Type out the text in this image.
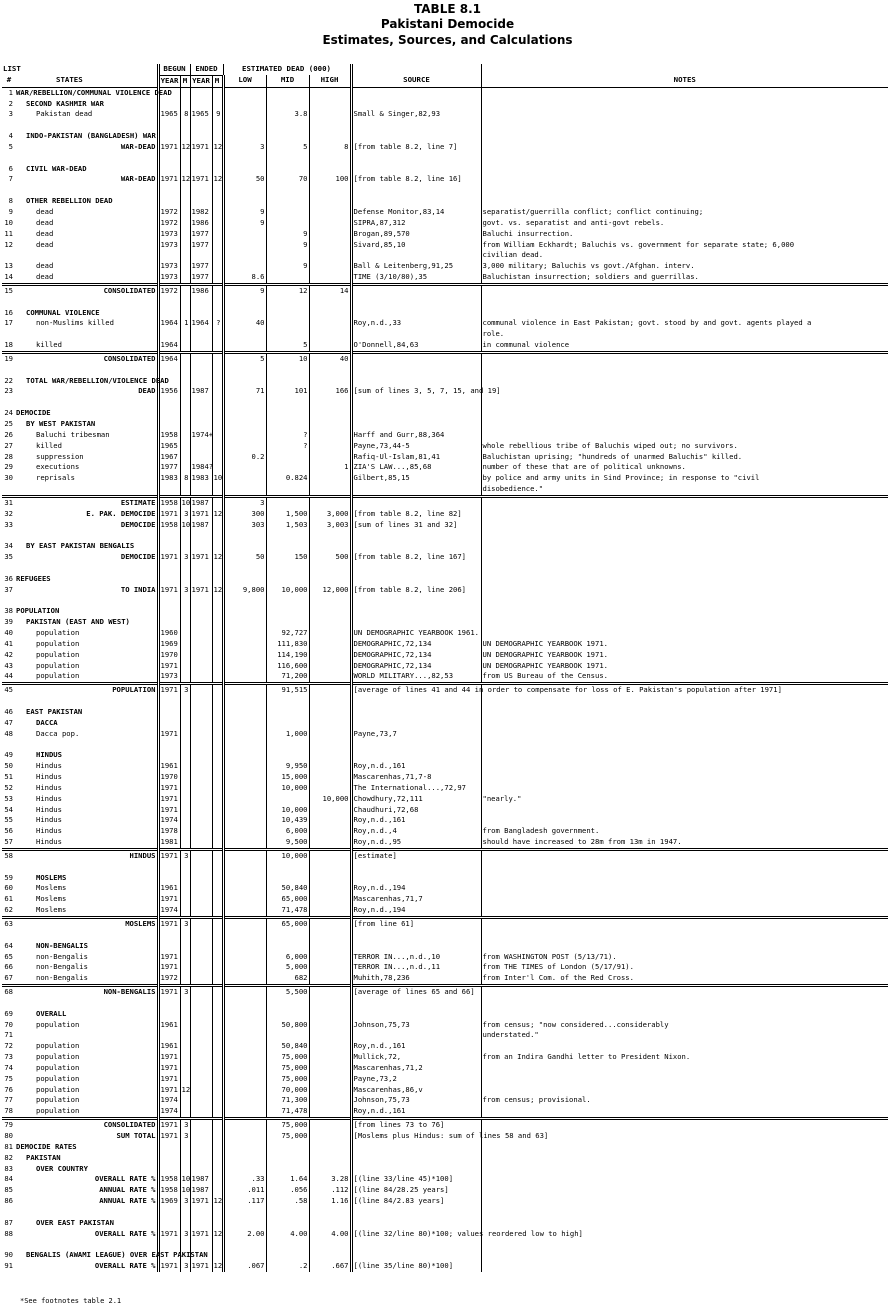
TABLE 8.1
Pakistani Democide
Estimates, Sources, and Calculations
LIST		BEGUN		ENDED		ESTIMATED DEAD (000)				
#	STATES	YEAR	M	YEAR	M	LOW	MID	HIGH	SOURCE	NOTES
1	WAR/REBELLION/COMMUNAL VIOLENCE DEAD									
2	SECOND KASHMIR WAR									
3	Pakistan dead	1965	8	1965	9		3.8		Small & Singer,82,93	

4	INDO-PAKISTAN (BANGLADESH) WAR									
5	WAR-DEAD	1971	12	1971	12	3	5	8	[from table 8.2, line 7]	

6	CIVIL WAR-DEAD									
7	WAR-DEAD	1971	12	1971	12	50	70	100	[from table 8.2, line 16]	

8	OTHER REBELLION DEAD									
9	dead	1972		1982		9			Defense Monitor,83,14	separatist/guerrilla conflict; conflict continuing;
10	dead	1972		1986		9			SIPRA,87,312	govt. vs. separatist and anti-govt rebels.
11	dead	1973		1977			9		Brogan,89,570	Baluchi insurrection.
12	dead	1973		1977			9		Sivard,85,10	from William Eckhardt; Baluchis vs. government for separate state; 6,000
										civilian dead.
13	dead	1973		1977			9		Ball & Leitenberg,91,25	3,000 military; Baluchis vs govt./Afghan. interv.
14	dead	1973		1977		8.6			TIME (3/10/80),35	Baluchistan insurrection; soldiers and guerrillas.
15	CONSOLIDATED	1972		1986		9	12	14		

16	COMMUNAL VIOLENCE									
17	non-Muslims killed	1964	1	1964	?	40			Roy,n.d.,33	communal violence in East Pakistan; govt. stood by and govt. agents played a
										role.
18	killed	1964					5		O'Donnell,84,63	in communal violence
19	CONSOLIDATED	1964				5	10	40		

22	TOTAL WAR/REBELLION/VIOLENCE DEAD									
23	DEAD	1956		1987		71	101	166	[sum of lines 3, 5, 7, 15, and 19]	

24	DEMOCIDE									
25	BY WEST PAKISTAN									
26	Baluchi tribesman	1958		1974+			?		Harff and Gurr,88,364	
27	killed	1965					?		Payne,73,44-5	whole rebellious tribe of Baluchis wiped out; no survivors.
28	suppression	1967				0.2			Rafiq-Ul-Islam,81,41	Baluchistan uprising; "hundreds of unarmed Baluchis" killed.
29	executions	1977		1984?				1	ZIA'S LAW...,85,68	number of these that are of political unknowns.
30	reprisals	1983	8	1983	10		0.824		Gilbert,85,15	by police and army units in Sind Province; in response to "civil
										disobedience."
31	ESTIMATE	1958	10	1987		3				
32	E. PAK. DEMOCIDE	1971	3	1971	12	300	1,500	3,000	[from table 8.2, line 82]	
33	DEMOCIDE	1958	10	1987		303	1,503	3,003	[sum of lines 31 and 32]	

34	BY EAST PAKISTAN BENGALIS									
35	DEMOCIDE	1971	3	1971	12	50	150	500	[from table 8.2, line 167]	

36	REFUGEES									
37	TO INDIA	1971	3	1971	12	9,800	10,000	12,000	[from table 8.2, line 206]	

38	POPULATION									
39	PAKISTAN (EAST AND WEST)									
40	population	1960					92,727		UN DEMOGRAPHIC YEARBOOK 1961.	
41	population	1969					111,830		DEMOGRAPHIC,72,134	UN DEMOGRAPHIC YEARBOOK 1971.
42	population	1970					114,190		DEMOGRAPHIC,72,134	UN DEMOGRAPHIC YEARBOOK 1971.
43	population	1971					116,600		DEMOGRAPHIC,72,134	UN DEMOGRAPHIC YEARBOOK 1971.
44	population	1973					71,200		WORLD MILITARY...,82,53	from US Bureau of the Census.
45	POPULATION	1971	3				91,515		[average of lines 41 and 44 in order to compensate for loss of E. Pakistan's population after 1971]	

46	EAST PAKISTAN									
47	DACCA									
48	Dacca pop.	1971					1,000		Payne,73,7	

49	HINDUS									
50	Hindus	1961					9,950		Roy,n.d.,161	
51	Hindus	1970					15,000		Mascarenhas,71,7-8	
52	Hindus	1971					10,000		The International...,72,97	
53	Hindus	1971						10,000	Chowdhury,72,111	"nearly."
54	Hindus	1971					10,000		Chaudhuri,72,68	
55	Hindus	1974					10,439		Roy,n.d.,161	
56	Hindus	1978					6,000		Roy,n.d.,4	from Bangladesh government.
57	Hindus	1981					9,500		Roy,n.d.,95	should have increased to 28m from 13m in 1947.
58	HINDUS	1971	3				10,000		[estimate]	

59	MOSLEMS									
60	Moslems	1961					50,840		Roy,n.d.,194	
61	Moslems	1971					65,000		Mascarenhas,71,7	
62	Moslems	1974					71,478		Roy,n.d.,194	
63	MOSLEMS	1971	3				65,000		[from line 61]	

64	NON-BENGALIS									
65	non-Bengalis	1971					6,000		TERROR IN...,n.d.,10	from WASHINGTON POST (5/13/71).
66	non-Bengalis	1971					5,000		TERROR IN...,n.d.,11	from THE TIMES of London (5/17/91).
67	non-Bengalis	1972					682		Muhith,78,236	from Inter'l Com. of the Red Cross.
68	NON-BENGALIS	1971	3				5,500		[average of lines 65 and 66]	

69	OVERALL									
70	population	1961					50,800		Johnson,75,73	from census; "now considered...considerably
71										understated."
72	population	1961					50,840		Roy,n.d.,161	
73	population	1971					75,000		Mullick,72,	from an Indira Gandhi letter to President Nixon.
74	population	1971					75,000		Mascarenhas,71,2	
75	population	1971					75,000		Payne,73,2	
76	population	1971	12				70,000		Mascarenhas,86,v	
77	population	1974					71,300		Johnson,75,73	from census; provisional.
78	population	1974					71,478		Roy,n.d.,161	
79	CONSOLIDATED	1971	3				75,000		[from lines 73 to 76]	
80	SUM TOTAL	1971	3				75,000		[Moslems plus Hindus: sum of lines 58 and 63]	
81	DEMOCIDE RATES									
82	PAKISTAN									
83	OVER COUNTRY									
84	OVERALL RATE %	1958	10	1987		.33	1.64	3.28	[(line 33/line 45)*100]	
85	ANNUAL RATE %	1958	10	1987		.011	.056	.112	[(line 84/28.25 years]	
86	ANNUAL RATE %	1969	3	1971	12	.117	.58	1.16	[(line 84/2.83 years]	

87	OVER EAST PAKISTAN									
88	OVERALL RATE %	1971	3	1971	12	2.00	4.00	4.00	[(line 32/line 80)*100; values reordered low to high]	

90	BENGALIS (AWAMI LEAGUE) OVER EAST PAKISTAN									
91	OVERALL RATE %	1971	3	1971	12	.067	.2	.667	[(line 35/line 80)*100]	
*See footnotes table 2.1
